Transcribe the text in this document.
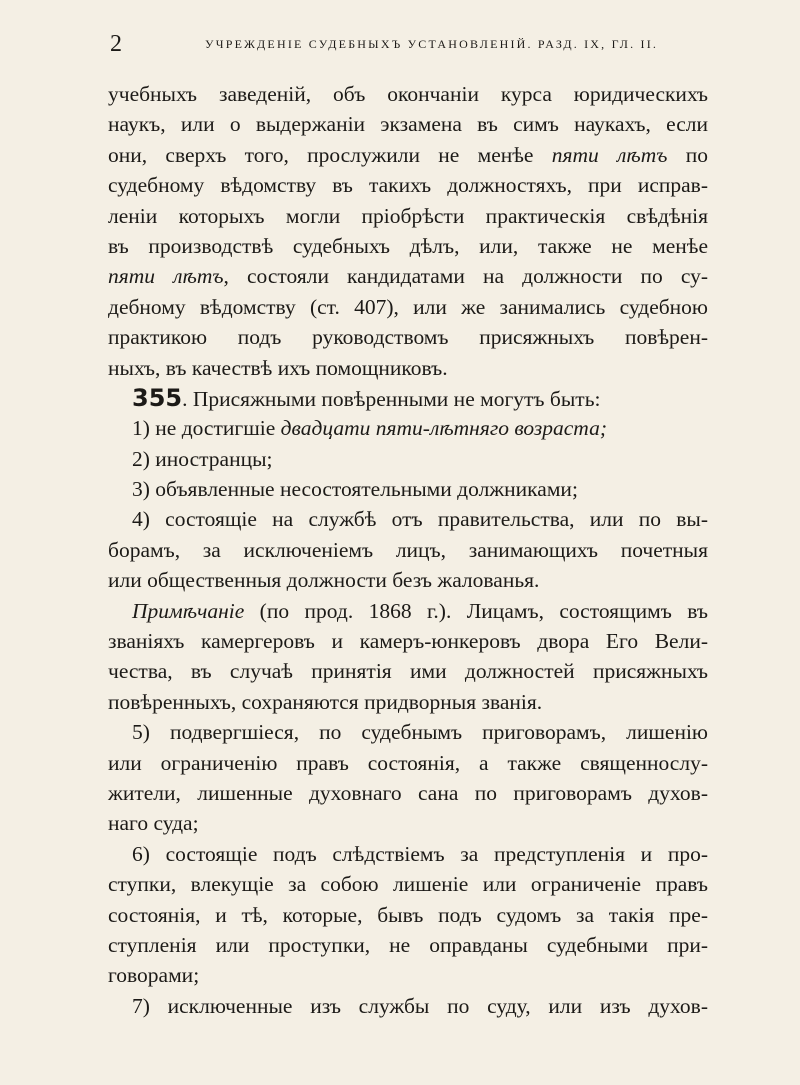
2	УЧРЕЖДЕНІЕ СУДЕБНЫХЪ УСТАНОВЛЕНІЙ. РАЗД. IX, ГЛ. II.
учебныхъ заведеній, объ окончаніи курса юридическихъ
наукъ, или о выдержаніи экзамена въ симъ наукахъ, если
они, сверхъ того, прослужили не менѣе пяти лѣтъ по
судебному вѣдомству въ такихъ должностяхъ, при исправ-
леніи которыхъ могли пріобрѣсти практическія свѣдѣнія
въ производствѣ судебныхъ дѣлъ, или, также не менѣе
пяти лѣтъ, состояли кандидатами на должности по су-
дебному вѣдомству (ст. 407), или же занимались судебною
практикою подъ руководствомъ присяжныхъ повѣрен-
ныхъ, въ качествѣ ихъ помощниковъ.
355. Присяжными повѣренными не могутъ быть:
1) не достигшіе двадцати пяти-лѣтняго возраста;
2) иностранцы;
3) объявленные несостоятельными должниками;
4) состоящіе на службѣ отъ правительства, или по вы-
борамъ, за исключеніемъ лицъ, занимающихъ почетныя
или общественныя должности безъ жалованья.
Примѣчаніе (по прод. 1868 г.). Лицамъ, состоящимъ въ
званіяхъ камергеровъ и камеръ-юнкеровъ двора Его Вели-
чества, въ случаѣ принятія ими должностей присяжныхъ
повѣренныхъ, сохраняются придворныя званія.
5) подвергшіеся, по судебнымъ приговорамъ, лишенію
или ограниченію правъ состоянія, а также священнослу-
жители, лишенные духовнаго сана по приговорамъ духов-
наго суда;
6) состоящіе подъ слѣдствіемъ за предступленія и про-
ступки, влекущіе за собою лишеніе или ограниченіе правъ
состоянія, и тѣ, которые, бывъ подъ судомъ за такія пре-
ступленія или проступки, не оправданы судебными при-
говорами;
7) исключенные изъ службы по суду, или изъ духов-
